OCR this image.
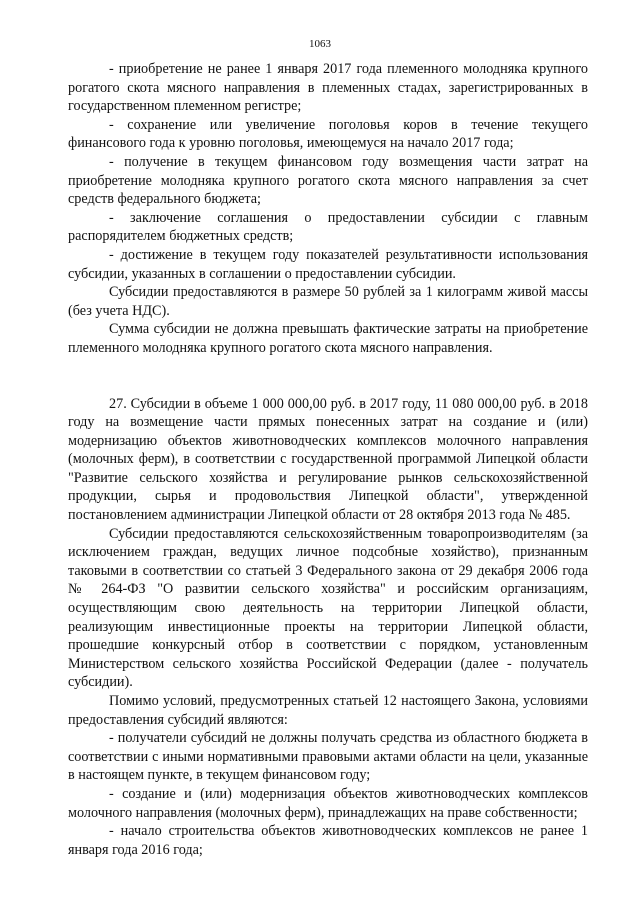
1063

- приобретение не ранее 1 января 2017 года племенного молодняка крупного рогатого скота мясного направления в племенных стадах, зарегистрированных в государственном племенном регистре;

- сохранение или увеличение поголовья коров в течение текущего финансового года к уровню поголовья, имеющемуся на начало 2017 года;

- получение в текущем финансовом году возмещения части затрат на приобретение молодняка крупного рогатого скота мясного направления за счет средств федерального бюджета;

- заключение соглашения о предоставлении субсидии с главным распорядителем бюджетных средств;

- достижение в текущем году показателей результативности использования субсидии, указанных в соглашении о предоставлении субсидии.

Субсидии предоставляются в размере 50 рублей за 1 килограмм живой массы (без учета НДС).

Сумма субсидии не должна превышать фактические затраты на приобретение племенного молодняка крупного рогатого скота мясного направления.

27. Субсидии в объеме 1 000 000,00 руб. в 2017 году, 11 080 000,00 руб. в 2018 году на возмещение части прямых понесенных затрат на создание и (или) модернизацию объектов животноводческих комплексов молочного направления (молочных ферм), в соответствии с государственной программой Липецкой области "Развитие сельского хозяйства и регулирование рынков сельскохозяйственной продукции, сырья и продовольствия Липецкой области", утвержденной постановлением администрации Липецкой области от 28 октября 2013 года № 485.

Субсидии предоставляются сельскохозяйственным товаропроизводителям (за исключением граждан, ведущих личное подсобные хозяйство), признанным таковыми в соответствии со статьей 3 Федерального закона от 29 декабря 2006 года № 264-ФЗ "О развитии сельского хозяйства" и российским организациям, осуществляющим свою деятельность на территории Липецкой области, реализующим инвестиционные проекты на территории Липецкой области, прошедшие конкурсный отбор в соответствии с порядком, установленным Министерством сельского хозяйства Российской Федерации (далее - получатель субсидии).

Помимо условий, предусмотренных статьей 12 настоящего Закона, условиями предоставления субсидий являются:

- получатели субсидий не должны получать средства из областного бюджета в соответствии с иными нормативными правовыми актами области на цели, указанные в настоящем пункте, в текущем финансовом году;

- создание и (или) модернизация объектов животноводческих комплексов молочного направления (молочных ферм), принадлежащих на праве собственности;

- начало строительства объектов животноводческих комплексов не ранее 1 января года 2016 года;
